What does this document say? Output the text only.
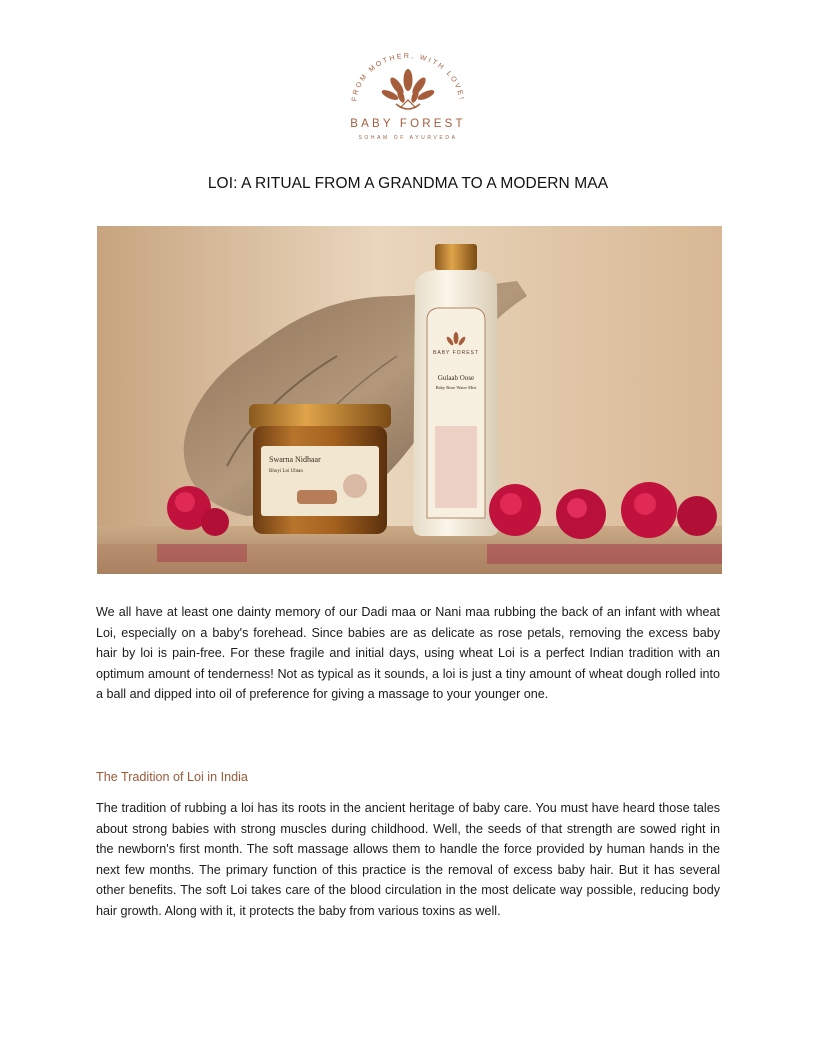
FROM MOTHER, WITH LOVE!
BABY FOREST
SOHAM OF AYURVEDA
LOI: A RITUAL FROM A GRANDMA TO A MODERN MAA
Swarna Nidhaar
Bhoyi Loi Ubtan
BABY FOREST
Gulaab Oose
Baby Rose Water Mist

We all have at least one dainty memory of our Dadi maa or Nani maa rubbing the back of an infant with wheat Loi, especially on a baby's forehead. Since babies are as delicate as rose petals, removing the excess baby hair by loi is pain-free. For these fragile and initial days, using wheat Loi is a perfect Indian tradition with an optimum amount of tenderness! Not as typical as it sounds, a loi is just a tiny amount of wheat dough rolled into a ball and dipped into oil of preference for giving a massage to your younger one.

The Tradition of Loi in India

The tradition of rubbing a loi has its roots in the ancient heritage of baby care. You must have heard those tales about strong babies with strong muscles during childhood. Well, the seeds of that strength are sowed right in the newborn's first month. The soft massage allows them to handle the force provided by human hands in the next few months. The primary function of this practice is the removal of excess baby hair. But it has several other benefits. The soft Loi takes care of the blood circulation in the most delicate way possible, reducing body hair growth. Along with it, it protects the baby from various toxins as well.
